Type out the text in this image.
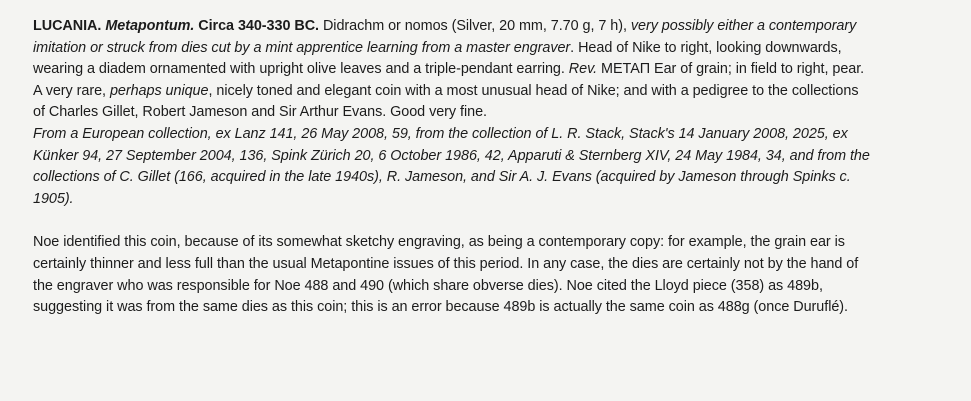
LUCANIA. Metapontum. Circa 340-330 BC. Didrachm or nomos (Silver, 20 mm, 7.70 g, 7 h), very possibly either a contemporary
imitation or struck from dies cut by a mint apprentice learning from a master engraver. Head of Nike to right, looking downwards,
wearing a diadem ornamented with upright olive leaves and a triple-pendant earring. Rev. METAΠ Ear of grain; in field to right, pear.
A very rare, perhaps unique, nicely toned and elegant coin with a most unusual head of Nike; and with a pedigree to the collections
of Charles Gillet, Robert Jameson and Sir Arthur Evans. Good very fine.
From a European collection, ex Lanz 141, 26 May 2008, 59, from the collection of L. R. Stack, Stack's 14 January 2008, 2025, ex
Künker 94, 27 September 2004, 136, Spink Zürich 20, 6 October 1986, 42, Apparuti & Sternberg XIV, 24 May 1984, 34, and from the
collections of C. Gillet (166, acquired in the late 1940s), R. Jameson, and Sir A. J. Evans (acquired by Jameson through Spinks c.
1905).
Noe identified this coin, because of its somewhat sketchy engraving, as being a contemporary copy: for example, the grain ear is
certainly thinner and less full than the usual Metapontine issues of this period. In any case, the dies are certainly not by the hand of
the engraver who was responsible for Noe 488 and 490 (which share obverse dies). Noe cited the Lloyd piece (358) as 489b,
suggesting it was from the same dies as this coin; this is an error because 489b is actually the same coin as 488g (once Duruflé).
